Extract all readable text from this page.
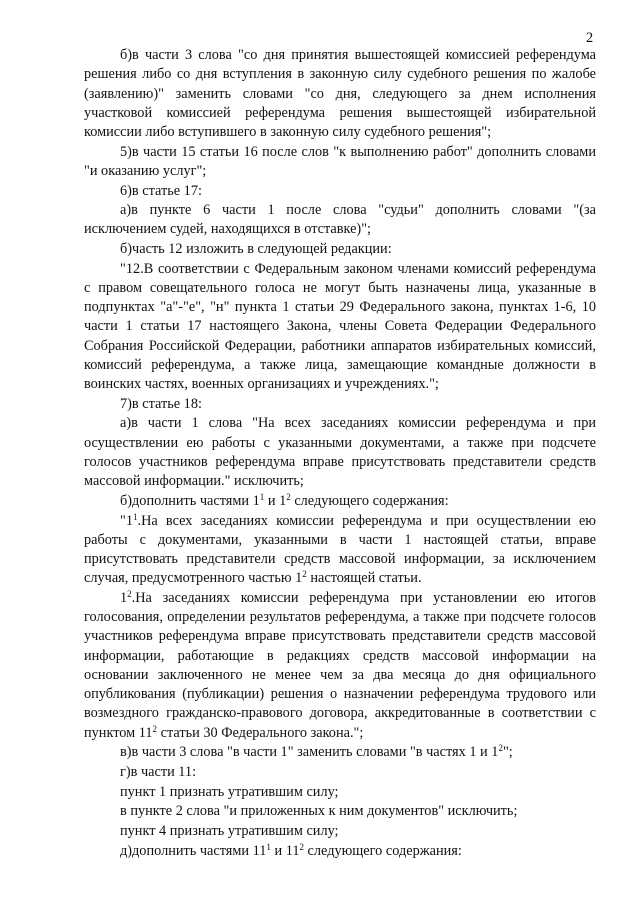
2

б)в части 3 слова "со дня принятия вышестоящей комиссией референдума решения либо со дня вступления в законную силу судебного решения по жалобе (заявлению)" заменить словами "со дня, следующего за днем исполнения участковой комиссией референдума решения вышестоящей избирательной комиссии либо вступившего в законную силу судебного решения";

5)в части 15 статьи 16 после слов "к выполнению работ" дополнить словами "и оказанию услуг";

6)в статье 17:

а)в пункте 6 части 1 после слова "судьи" дополнить словами "(за исключением судей, находящихся в отставке)";

б)часть 12 изложить в следующей редакции:

"12.В соответствии с Федеральным законом членами комиссий референдума с правом совещательного голоса не могут быть назначены лица, указанные в подпунктах "а"-"е", "н" пункта 1 статьи 29 Федерального закона, пунктах 1-6, 10 части 1 статьи 17 настоящего Закона, члены Совета Федерации Федерального Собрания Российской Федерации, работники аппаратов избирательных комиссий, комиссий референдума, а также лица, замещающие командные должности в воинских частях, военных организациях и учреждениях.";

7)в статье 18:

а)в части 1 слова "На всех заседаниях комиссии референдума и при осуществлении ею работы с указанными документами, а также при подсчете голосов участников референдума вправе присутствовать представители средств массовой информации." исключить;

б)дополнить частями $1^1$ и $1^2$ следующего содержания:

"$1^1.На$ всех заседаниях комиссии референдума и при осуществлении ею работы с документами, указанными в части 1 настоящей статьи, вправе присутствовать представители средств массовой информации, за исключением случая, предусмотренного частью $1^2$ настоящей статьи.

$1^2.На$ заседаниях комиссии референдума при установлении ею итогов голосования, определении результатов референдума, а также при подсчете голосов участников референдума вправе присутствовать представители средств массовой информации, работающие в редакциях средств массовой информации на основании заключенного не менее чем за два месяца до дня официального опубликования (публикации) решения о назначении референдума трудового или возмездного гражданско-правового договора, аккредитованные в соответствии с пунктом $11^2$ статьи 30 Федерального закона.";

в)в части 3 слова "в части 1" заменить словами "в частях 1 и $1^2$";

г)в части 11:

пункт 1 признать утратившим силу;

в пункте 2 слова "и приложенных к ним документов" исключить;

пункт 4 признать утратившим силу;

д)дополнить частями $11^1$ и $11^2$ следующего содержания:
